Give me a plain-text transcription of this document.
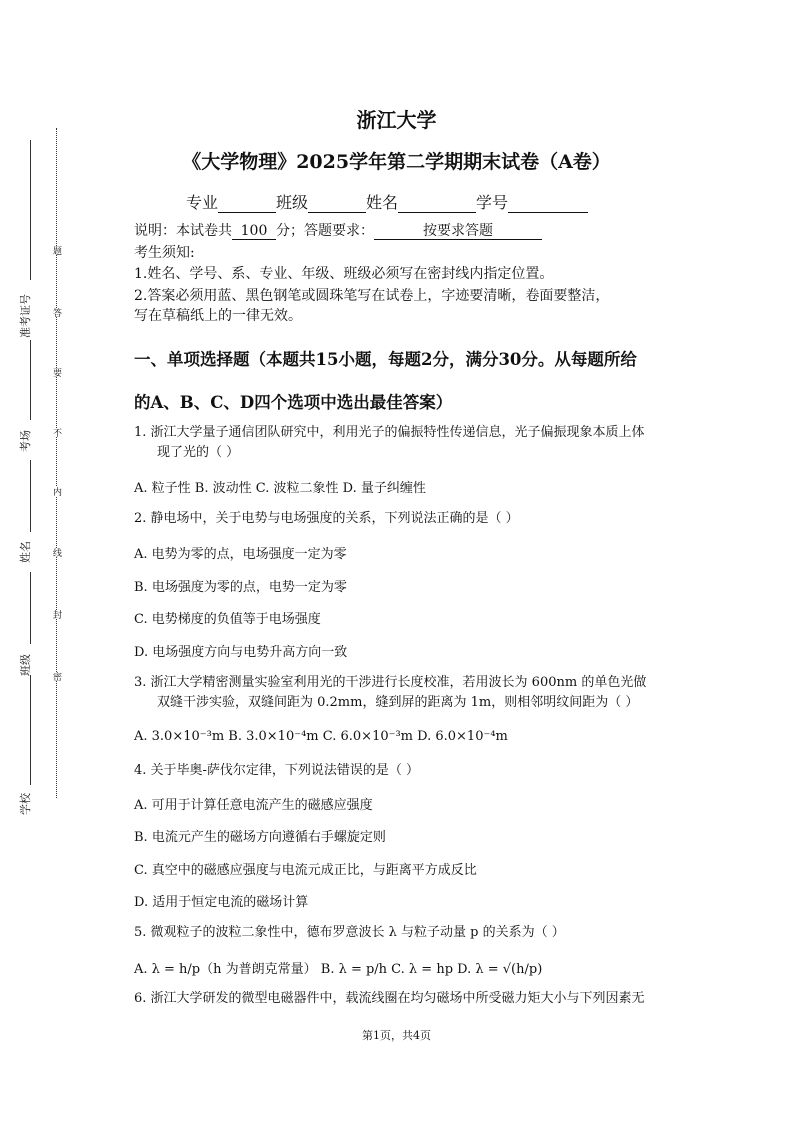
密
封
线
内
不
要
答
题
学校
班级
姓名
考场
准考证号
浙江大学
《大学物理》2025学年第二学期期末试卷（A卷）
专业	班级	姓名	学号
说明：本试卷共 100 分；答题要求：	按要求答题
考生须知:
1.姓名、学号、系、专业、年级、班级必须写在密封线内指定位置。
2.答案必须用蓝、黑色钢笔或圆珠笔写在试卷上，字迹要清晰，卷面要整洁，
写在草稿纸上的一律无效。
一、单项选择题（本题共15小题，每题2分，满分30分。从每题所给
的A、B、C、D四个选项中选出最佳答案）
1. 浙江大学量子通信团队研究中，利用光子的偏振特性传递信息，光子偏振现象本质上体
现了光的（ ）
A. 粒子性 B. 波动性 C. 波粒二象性 D. 量子纠缠性
2. 静电场中，关于电势与电场强度的关系，下列说法正确的是（ ）
A. 电势为零的点，电场强度一定为零
B. 电场强度为零的点，电势一定为零
C. 电势梯度的负值等于电场强度
D. 电场强度方向与电势升高方向一致
3. 浙江大学精密测量实验室利用光的干涉进行长度校准，若用波长为 600nm 的单色光做
双缝干涉实验，双缝间距为 0.2mm，缝到屏的距离为 1m，则相邻明纹间距为（ ）
A. 3.0×10⁻³m B. 3.0×10⁻⁴m C. 6.0×10⁻³m D. 6.0×10⁻⁴m
4. 关于毕奥-萨伐尔定律，下列说法错误的是（ ）
A. 可用于计算任意电流产生的磁感应强度
B. 电流元产生的磁场方向遵循右手螺旋定则
C. 真空中的磁感应强度与电流元成正比，与距离平方成反比
D. 适用于恒定电流的磁场计算
5. 微观粒子的波粒二象性中，德布罗意波长 λ 与粒子动量 p 的关系为（ ）
A. λ = h/p（h 为普朗克常量） B. λ = p/h C. λ = hp D. λ = √(h/p)
6. 浙江大学研发的微型电磁器件中，载流线圈在均匀磁场中所受磁力矩大小与下列因素无
第1页，共4页
